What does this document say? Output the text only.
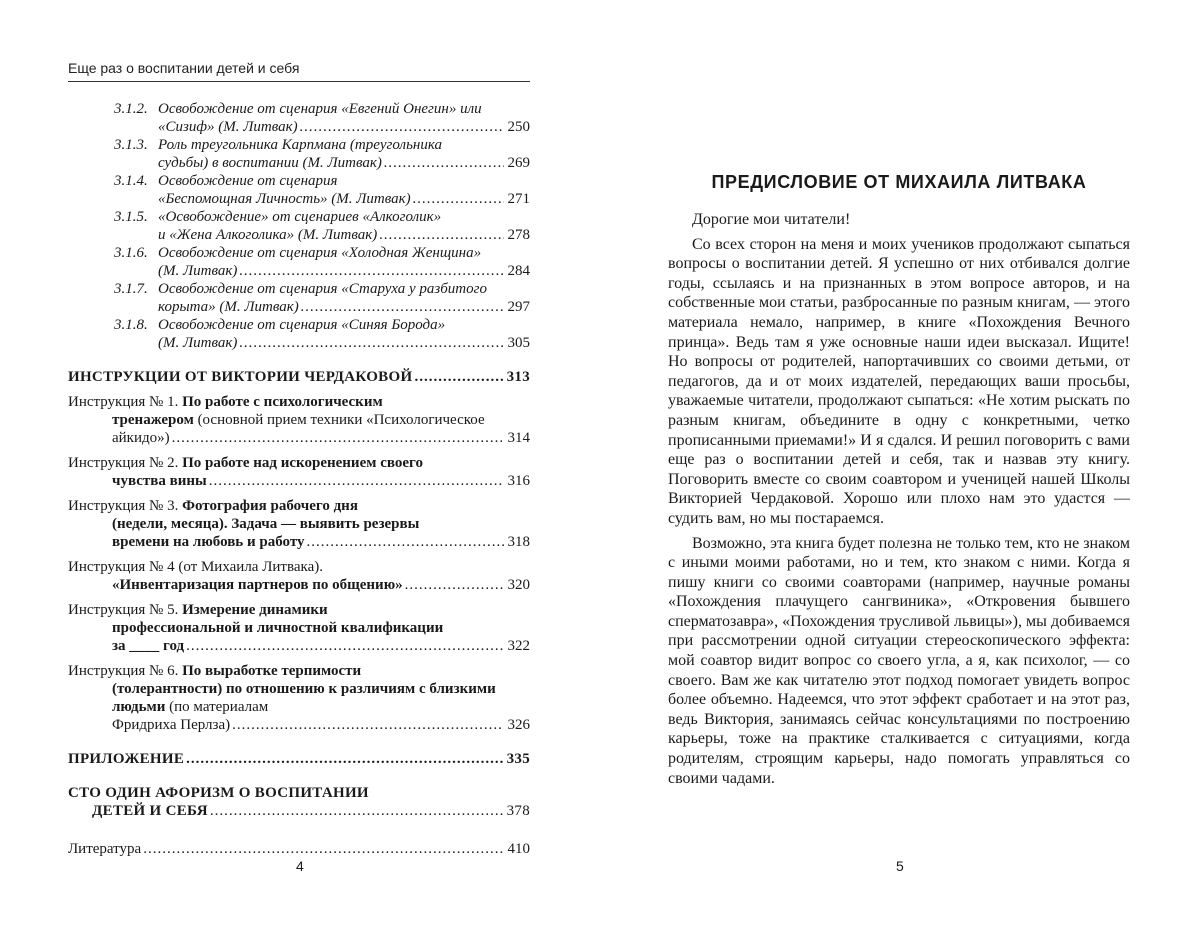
Еще раз о воспитании детей и себя
3.1.2. Освобождение от сценария «Евгений Онегин» или
«Сизиф» (М. Литвак) .....	250
3.1.3. Роль треугольника Карпмана (треугольника
судьбы) в воспитании (М. Литвак) .....	269
3.1.4. Освобождение от сценария
«Беспомощная Личность» (М. Литвак) .....	271
3.1.5. «Освобождение» от сценариев «Алкоголик»
и «Жена Алкоголика» (М. Литвак) .....	278
3.1.6. Освобождение от сценария «Холодная Женщина»
(М. Литвак) .....	284
3.1.7. Освобождение от сценария «Старуха у разбитого
корыта» (М. Литвак) .....	297
3.1.8. Освобождение от сценария «Синяя Борода»
(М. Литвак) .....	305
ИНСТРУКЦИИ ОТ ВИКТОРИИ ЧЕРДАКОВОЙ .....	313
Инструкция № 1. По работе с психологическим
тренажером (основной прием техники «Психологическое
айкидо») .....	314
Инструкция № 2. По работе над искоренением своего
чувства вины .....	316
Инструкция № 3. Фотография рабочего дня
(недели, месяца). Задача — выявить резервы
времени на любовь и работу .....	318
Инструкция № 4 (от Михаила Литвака).
«Инвентаризация партнеров по общению» .....	320
Инструкция № 5. Измерение динамики
профессиональной и личностной квалификации
за ____ год .....	322
Инструкция № 6. По выработке терпимости
(толерантности) по отношению к различиям с близкими
людьми (по материалам
Фридриха Перлза) .....	326
ПРИЛОЖЕНИЕ .....	335
СТО ОДИН АФОРИЗМ О ВОСПИТАНИИ
ДЕТЕЙ И СЕБЯ .....	378
Литература .....	410
4
ПРЕДИСЛОВИЕ ОТ МИХАИЛА ЛИТВАКА

Дорогие мои читатели!

Со всех сторон на меня и моих учеников продолжают сыпаться вопросы о воспитании детей. Я успешно от них отбивался долгие годы, ссылаясь и на признанных в этом вопросе авторов, и на собственные мои статьи, разбросанные по разным книгам, — этого материала немало, например, в книге «Похождения Вечного принца». Ведь там я уже основные наши идеи высказал. Ищите! Но вопросы от родителей, напортачивших со своими детьми, от педагогов, да и от моих издателей, передающих ваши просьбы, уважаемые читатели, продолжают сыпаться: «Не хотим рыскать по разным книгам, объедините в одну с конкретными, четко прописанными приемами!» И я сдался. И решил поговорить с вами еще раз о воспитании детей и себя, так и назвав эту книгу. Поговорить вместе со своим соавтором и ученицей нашей Школы Викторией Чердаковой. Хорошо или плохо нам это удастся — судить вам, но мы постараемся.

Возможно, эта книга будет полезна не только тем, кто не знаком с иными моими работами, но и тем, кто знаком с ними. Когда я пишу книги со своими соавторами (например, научные романы «Похождения плачущего сангвиника», «Откровения бывшего сперматозавра», «Похождения трусливой львицы»), мы добиваемся при рассмотрении одной ситуации стереоскопического эффекта: мой соавтор видит вопрос со своего угла, а я, как психолог, — со своего. Вам же как читателю этот подход помогает увидеть вопрос более объемно. Надеемся, что этот эффект сработает и на этот раз, ведь Виктория, занимаясь сейчас консультациями по построению карьеры, тоже на практике сталкивается с ситуациями, когда родителям, строящим карьеры, надо помогать управляться со своими чадами.

5
